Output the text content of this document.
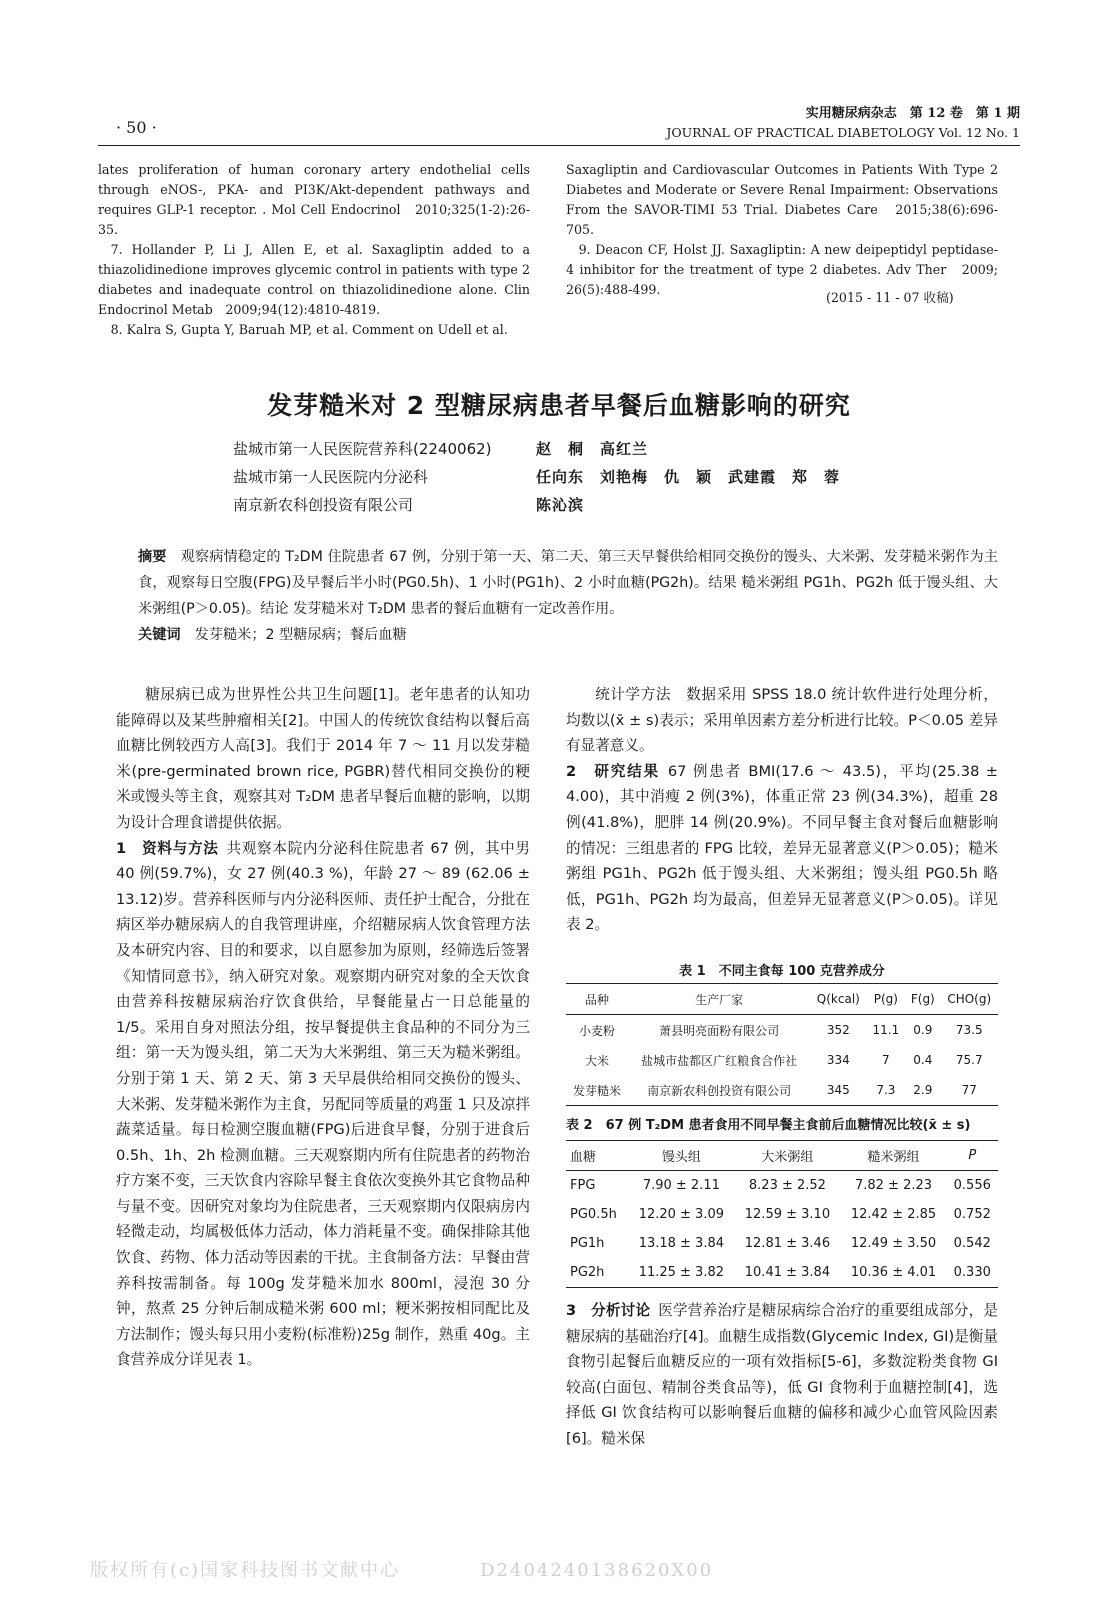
· 50 ·
实用糖尿病杂志　第 12 卷　第 1 期
JOURNAL OF PRACTICAL DIABETOLOGY Vol. 12 No. 1

lates proliferation of human coronary artery endothelial cells through eNOS-, PKA- and PI3K/Akt-dependent pathways and requires GLP-1 receptor. . Mol Cell Endocrinol　2010;325(1-2):26-35.

7. Hollander P, Li J, Allen E, et al. Saxagliptin added to a thiazolidinedione improves glycemic control in patients with type 2 diabetes and inadequate control on thiazolidinedione alone. Clin Endocrinol Metab　2009;94(12):4810-4819.

8. Kalra S, Gupta Y, Baruah MP, et al. Comment on Udell et al.

Saxagliptin and Cardiovascular Outcomes in Patients With Type 2 Diabetes and Moderate or Severe Renal Impairment: Observations From the SAVOR-TIMI 53 Trial. Diabetes Care　2015;38(6):696-705.

9. Deacon CF, Holst JJ. Saxagliptin: A new deipeptidyl peptidase-4 inhibitor for the treatment of type 2 diabetes. Adv Ther　2009; 26(5):488-499.

(2015 - 11 - 07 收稿)
发芽糙米对 2 型糖尿病患者早餐后血糖影响的研究
盐城市第一人民医院营养科(2240062)	赵　桐　高红兰
盐城市第一人民医院内分泌科	任向东　刘艳梅　仇　颖　武建霞　郑　蓉
南京新农科创投资有限公司	陈沁滨

摘要 观察病情稳定的 T₂DM 住院患者 67 例，分别于第一天、第二天、第三天早餐供给相同交换份的馒头、大米粥、发芽糙米粥作为主食，观察每日空腹(FPG)及早餐后半小时(PG0.5h)、1 小时(PG1h)、2 小时血糖(PG2h)。结果 糙米粥组 PG1h、PG2h 低于馒头组、大米粥组(P＞0.05)。结论 发芽糙米对 T₂DM 患者的餐后血糖有一定改善作用。

关键词 发芽糙米；2 型糖尿病；餐后血糖

糖尿病已成为世界性公共卫生问题[1]。老年患者的认知功能障碍以及某些肿瘤相关[2]。中国人的传统饮食结构以餐后高血糖比例较西方人高[3]。我们于 2014 年 7 ～ 11 月以发芽糙米(pre-germinated brown rice, PGBR)替代相同交换份的粳米或馒头等主食，观察其对 T₂DM 患者早餐后血糖的影响，以期为设计合理食谱提供依据。

1　资料与方法 共观察本院内分泌科住院患者 67 例，其中男 40 例(59.7%)，女 27 例(40.3 %)，年龄 27 ～ 89 (62.06 ± 13.12)岁。营养科医师与内分泌科医师、责任护士配合，分批在病区举办糖尿病人的自我管理讲座，介绍糖尿病人饮食管理方法及本研究内容、目的和要求，以自愿参加为原则，经筛选后签署《知情同意书》，纳入研究对象。观察期内研究对象的全天饮食由营养科按糖尿病治疗饮食供给，早餐能量占一日总能量的 1/5。采用自身对照法分组，按早餐提供主食品种的不同分为三组：第一天为馒头组，第二天为大米粥组、第三天为糙米粥组。分别于第 1 天、第 2 天、第 3 天早晨供给相同交换份的馒头、大米粥、发芽糙米粥作为主食，另配同等质量的鸡蛋 1 只及凉拌蔬菜适量。每日检测空腹血糖(FPG)后进食早餐，分别于进食后 0.5h、1h、2h 检测血糖。三天观察期内所有住院患者的药物治疗方案不变，三天饮食内容除早餐主食依次变换外其它食物品种与量不变。因研究对象均为住院患者，三天观察期内仅限病房内轻微走动，均属极低体力活动，体力消耗量不变。确保排除其他饮食、药物、体力活动等因素的干扰。主食制备方法：早餐由营养科按需制备。每 100g 发芽糙米加水 800ml，浸泡 30 分钟，熬煮 25 分钟后制成糙米粥 600 ml；粳米粥按相同配比及方法制作；馒头每只用小麦粉(标准粉)25g 制作，熟重 40g。主食营养成分详见表 1。

统计学方法　数据采用 SPSS 18.0 统计软件进行处理分析，均数以(x̄ ± s)表示；采用单因素方差分析进行比较。P＜0.05 差异有显著意义。

2　研究结果 67 例患者 BMI(17.6 ～ 43.5)，平均(25.38 ± 4.00)，其中消瘦 2 例(3%)，体重正常 23 例(34.3%)，超重 28 例(41.8%)，肥胖 14 例(20.9%)。不同早餐主食对餐后血糖影响的情况：三组患者的 FPG 比较，差异无显著意义(P＞0.05)；糙米粥组 PG1h、PG2h 低于馒头组、大米粥组；馒头组 PG0.5h 略低，PG1h、PG2h 均为最高，但差异无显著意义(P＞0.05)。详见表 2。

表 1　不同主食每 100 克营养成分
品种	生产厂家	Q(kcal)	P(g)	F(g)	CHO(g)
小麦粉	萧县明亮面粉有限公司	352	11.1	0.9	73.5
大米	盐城市盐都区广红粮食合作社	334	7	0.4	75.7
发芽糙米	南京新农科创投资有限公司	345	7.3	2.9	77
表 2　67 例 T₂DM 患者食用不同早餐主食前后血糖情况比较(x̄ ± s)
血糖	馒头组	大米粥组	糙米粥组	P
FPG	7.90 ± 2.11	8.23 ± 2.52	7.82 ± 2.23	0.556
PG0.5h	12.20 ± 3.09	12.59 ± 3.10	12.42 ± 2.85	0.752
PG1h	13.18 ± 3.84	12.81 ± 3.46	12.49 ± 3.50	0.542
PG2h	11.25 ± 3.82	10.41 ± 3.84	10.36 ± 4.01	0.330

3　分析讨论 医学营养治疗是糖尿病综合治疗的重要组成部分，是糖尿病的基础治疗[4]。血糖生成指数(Glycemic Index, GI)是衡量食物引起餐后血糖反应的一项有效指标[5-6]，多数淀粉类食物 GI 较高(白面包、精制谷类食品等)，低 GI 食物利于血糖控制[4]，选择低 GI 饮食结构可以影响餐后血糖的偏移和减少心血管风险因素[6]。糙米保

版权所有(c)国家科技图书文献中心　　　　D2404240138620X00
